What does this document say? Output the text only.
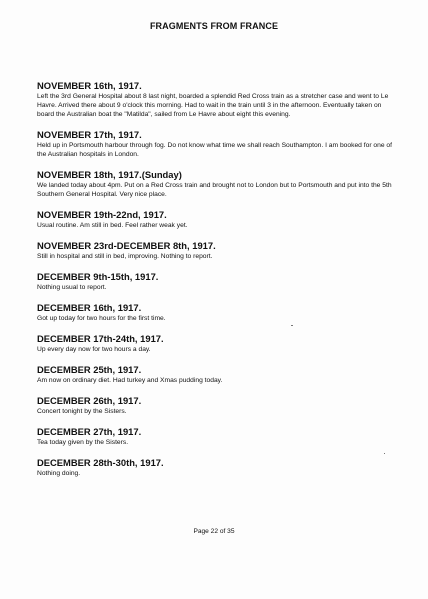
FRAGMENTS FROM FRANCE
NOVEMBER 16th, 1917.

Left the 3rd General Hospital about 8 last night, boarded a splendid Red Cross train as a stretcher case and went to Le Havre. Arrived there about 9 o'clock this morning. Had to wait in the train until 3 in the afternoon. Eventually taken on board the Australian boat the "Matilda", sailed from Le Havre about eight this evening.

NOVEMBER 17th, 1917.

Held up in Portsmouth harbour through fog. Do not know what time we shall reach Southampton. I am booked for one of the Australian hospitals in London.

NOVEMBER 18th, 1917.(Sunday)

We landed today about 4pm. Put on a Red Cross train and brought not to London but to Portsmouth and put into the 5th Southern General Hospital. Very nice place.

NOVEMBER 19th-22nd, 1917.

Usual routine. Am still in bed. Feel rather weak yet.

NOVEMBER 23rd-DECEMBER 8th, 1917.

Still in hospital and still in bed, improving. Nothing to report.

DECEMBER 9th-15th, 1917.

Nothing usual to report.

DECEMBER 16th, 1917.

Got up today for two hours for the first time.

DECEMBER 17th-24th, 1917.

Up every day now for two hours a day.

DECEMBER 25th, 1917.

Am now on ordinary diet. Had turkey and Xmas pudding today.

DECEMBER 26th, 1917.

Concert tonight by the Sisters.

DECEMBER 27th, 1917.

Tea today given by the Sisters.

DECEMBER 28th-30th, 1917.

Nothing doing.

Page 22 of 35
